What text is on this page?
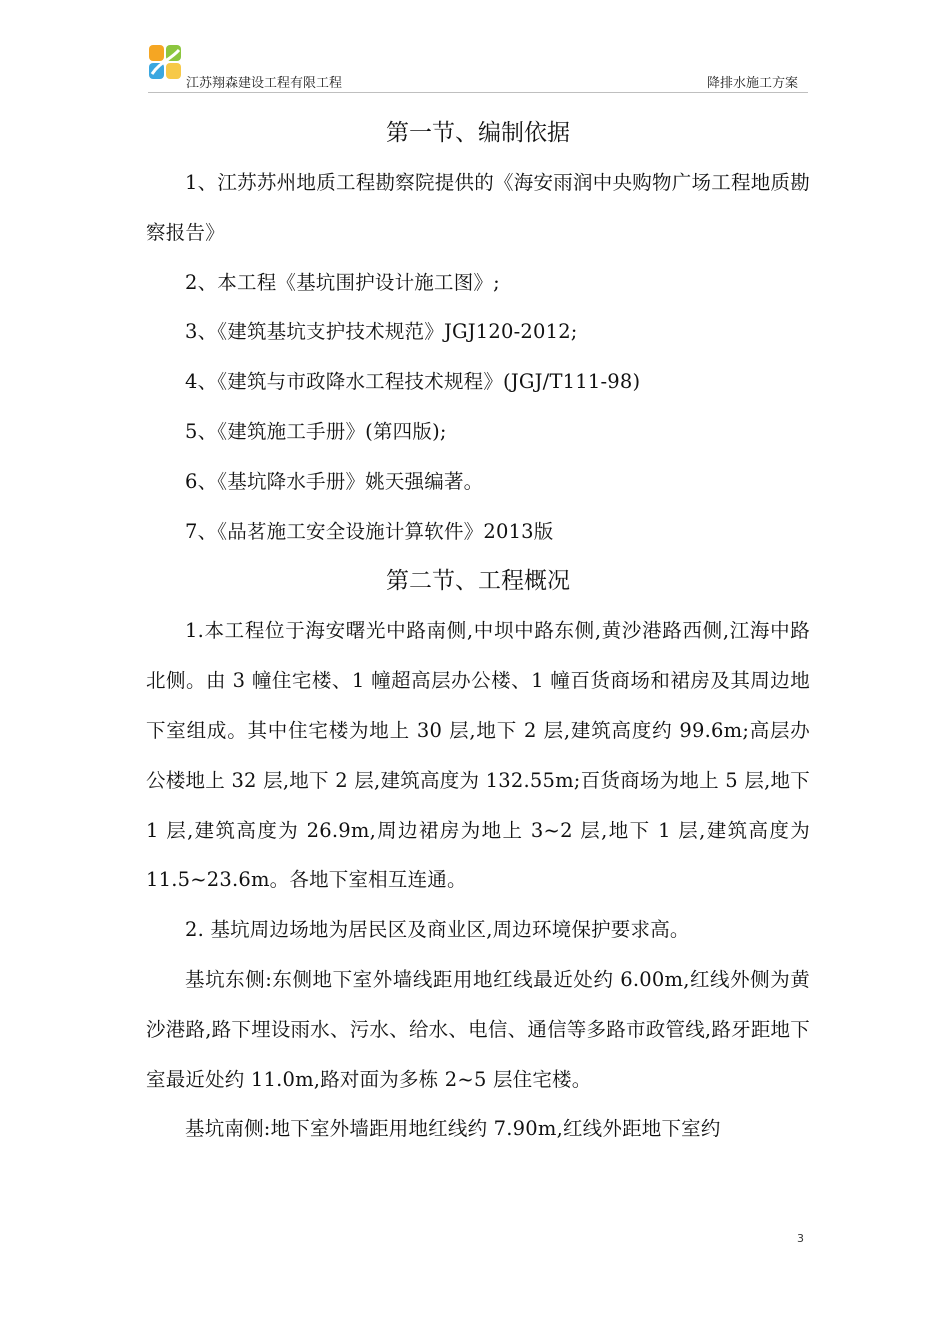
江苏翔森建设工程有限工程	降排水施工方案
第一节、编制依据

1、江苏苏州地质工程勘察院提供的《海安雨润中央购物广场工程地质勘察报告》

2、本工程《基坑围护设计施工图》;

3、《建筑基坑支护技术规范》JGJ120-2012;

4、《建筑与市政降水工程技术规程》(JGJ/T111-98)

5、《建筑施工手册》(第四版);

6、《基坑降水手册》姚天强编著。

7、《品茗施工安全设施计算软件》2013版

第二节、工程概况

1.本工程位于海安曙光中路南侧,中坝中路东侧,黄沙港路西侧,江海中路北侧。由 3 幢住宅楼、1 幢超高层办公楼、1 幢百货商场和裙房及其周边地下室组成。其中住宅楼为地上 30 层,地下 2 层,建筑高度约 99.6m;高层办公楼地上 32 层,地下 2 层,建筑高度为 132.55m;百货商场为地上 5 层,地下 1 层,建筑高度为 26.9m,周边裙房为地上 3~2 层,地下 1 层,建筑高度为 11.5~23.6m。各地下室相互连通。

2. 基坑周边场地为居民区及商业区,周边环境保护要求高。

基坑东侧:东侧地下室外墙线距用地红线最近处约 6.00m,红线外侧为黄沙港路,路下埋设雨水、污水、给水、电信、通信等多路市政管线,路牙距地下室最近处约 11.0m,路对面为多栋 2~5 层住宅楼。

基坑南侧:地下室外墙距用地红线约 7.90m,红线外距地下室约

3
